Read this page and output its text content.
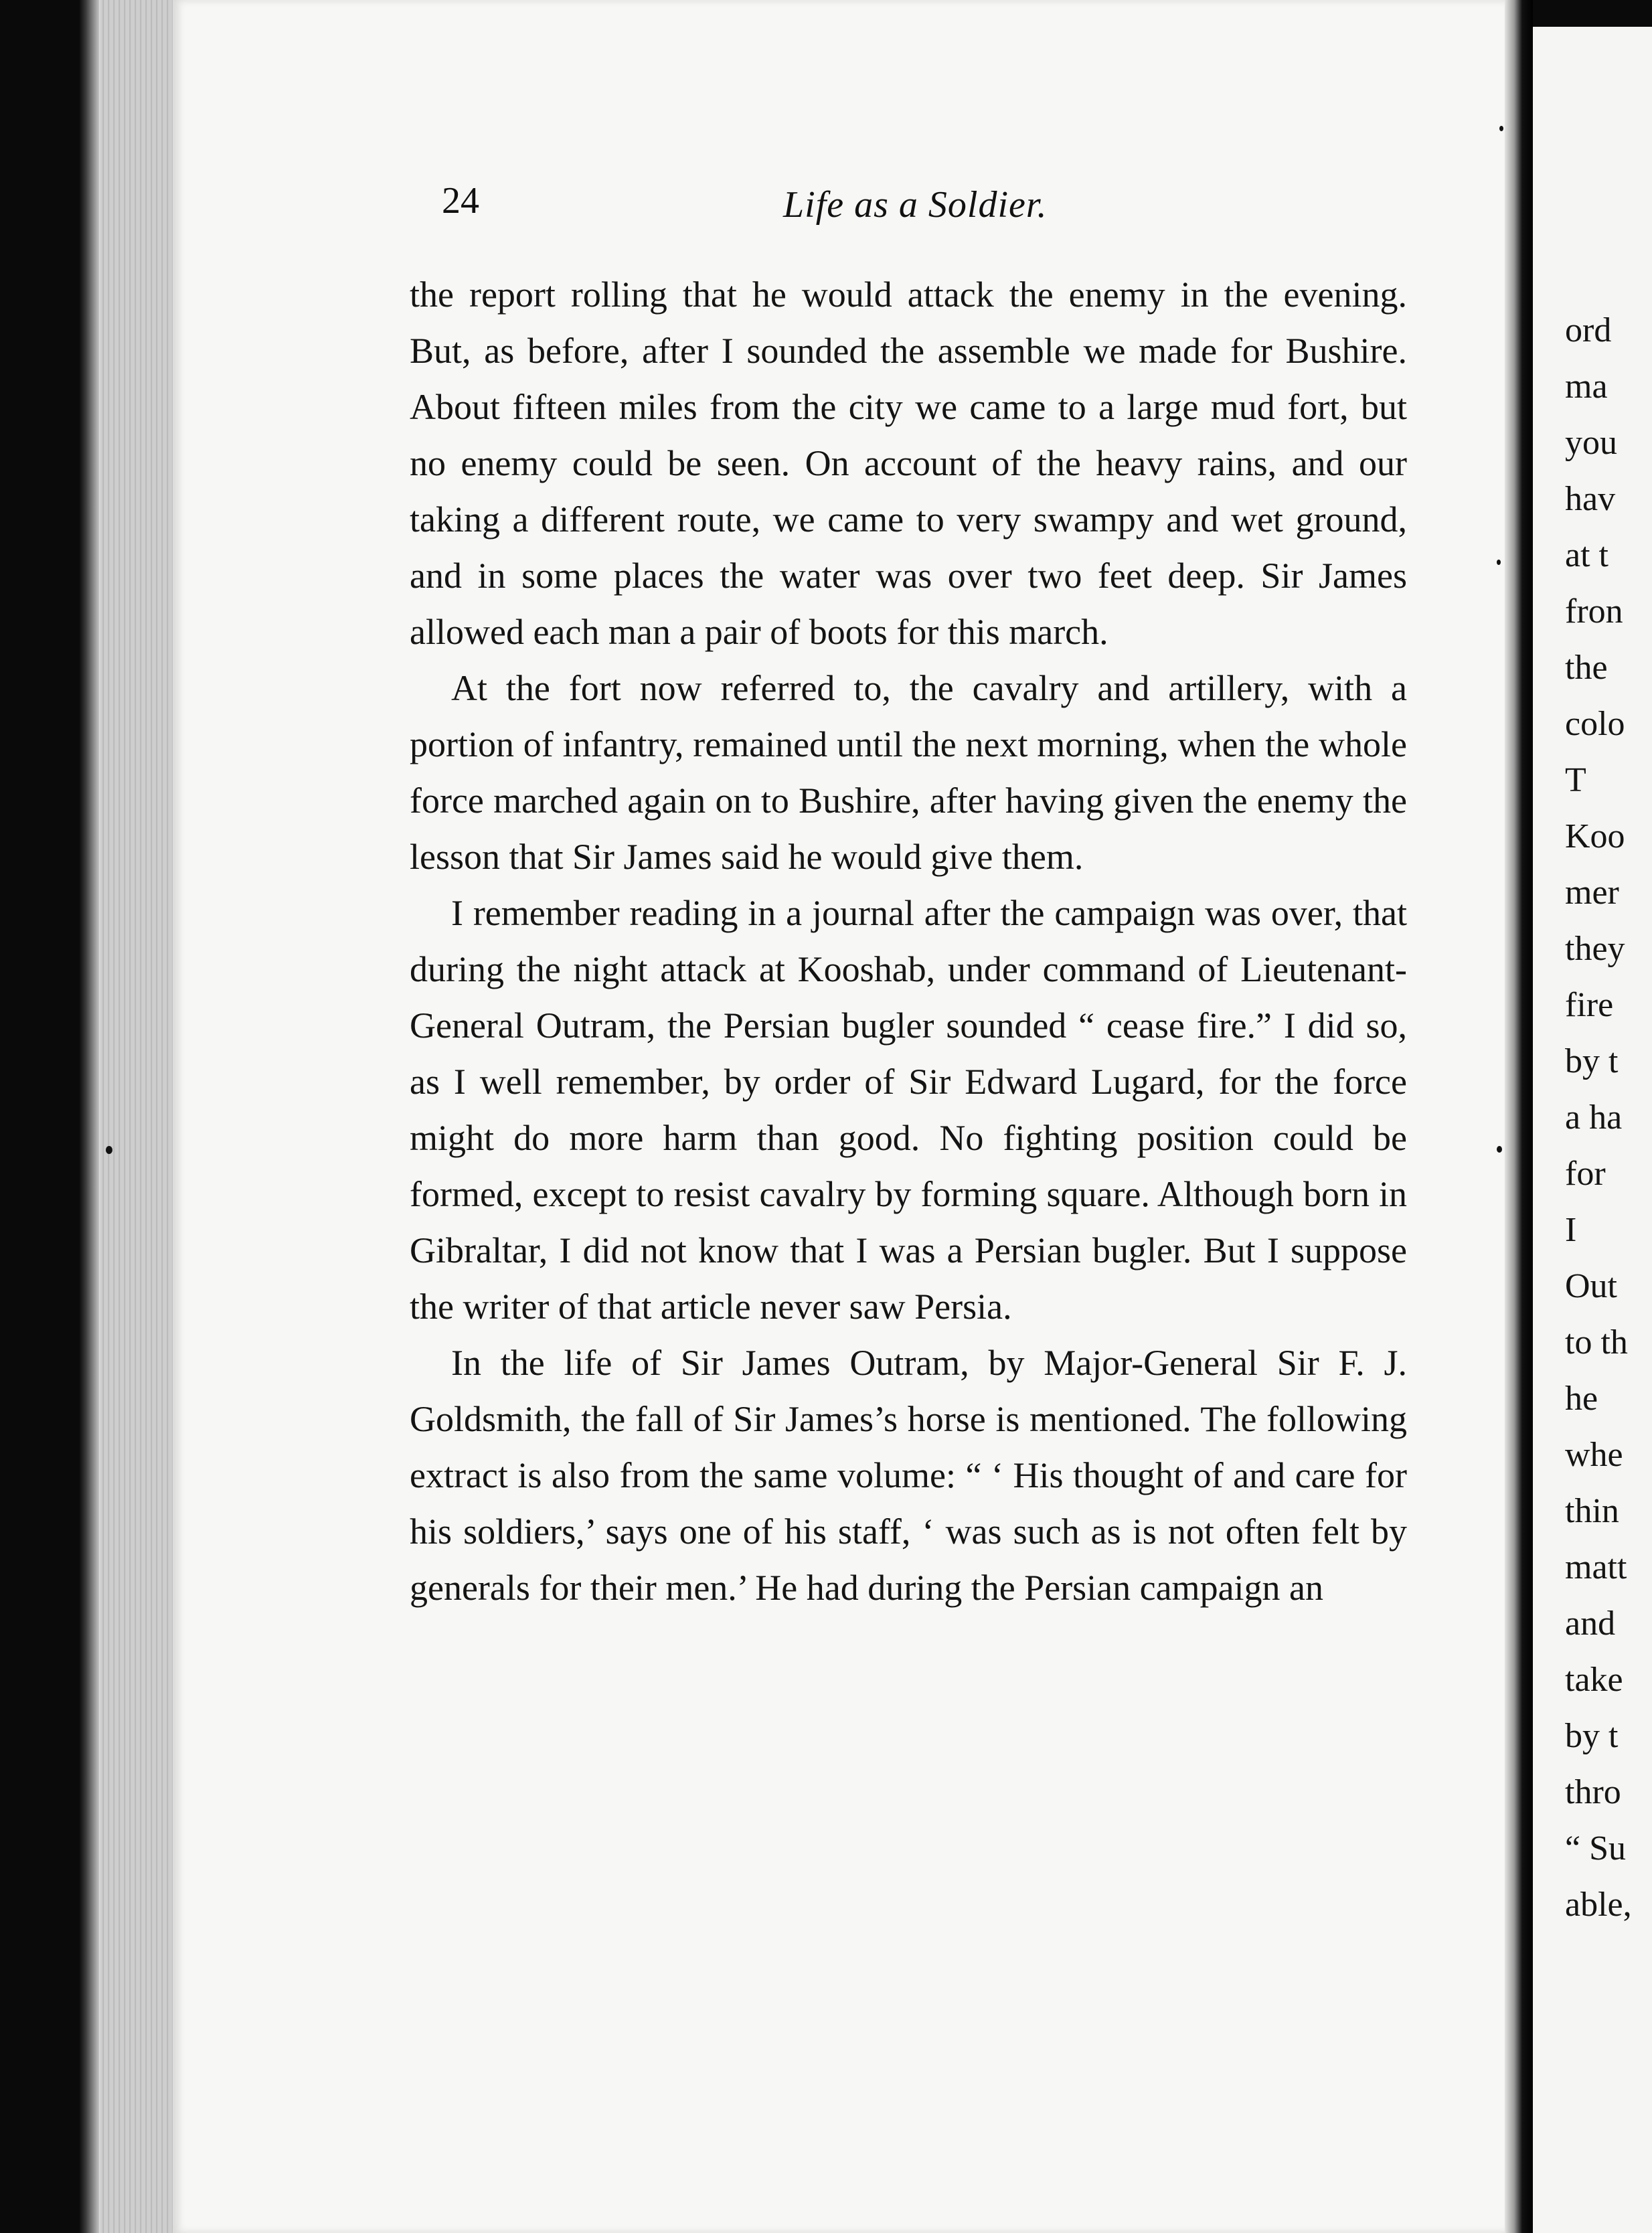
24	Life as a Soldier.

the report rolling that he would attack the enemy in the evening. But, as before, after I sounded the assemble we made for Bushire. About fifteen miles from the city we came to a large mud fort, but no enemy could be seen. On account of the heavy rains, and our taking a different route, we came to very swampy and wet ground, and in some places the water was over two feet deep. Sir James allowed each man a pair of boots for this march.

At the fort now referred to, the cavalry and artillery, with a portion of infantry, remained until the next morning, when the whole force marched again on to Bushire, after having given the enemy the lesson that Sir James said he would give them.

I remember reading in a journal after the campaign was over, that during the night attack at Kooshab, under command of Lieutenant-General Outram, the Persian bugler sounded “ cease fire.” I did so, as I well remember, by order of Sir Edward Lugard, for the force might do more harm than good. No fighting position could be formed, except to resist cavalry by forming square. Although born in Gibraltar, I did not know that I was a Persian bugler. But I suppose the writer of that article never saw Persia.

In the life of Sir James Outram, by Major-General Sir F. J. Goldsmith, the fall of Sir James’s horse is mentioned. The following extract is also from the same volume: “ ‘ His thought of and care for his soldiers,’ says one of his staff, ‘ was such as is not often felt by generals for their men.’ He had during the Persian campaign an

ord
ma
you
hav
at t
fron
the
colo
T
Koo
mer
they
fire
by t
a ha
for
I
Out
to th
he
whe
thin
matt
and
take
by t
thro
“ Su
able,
